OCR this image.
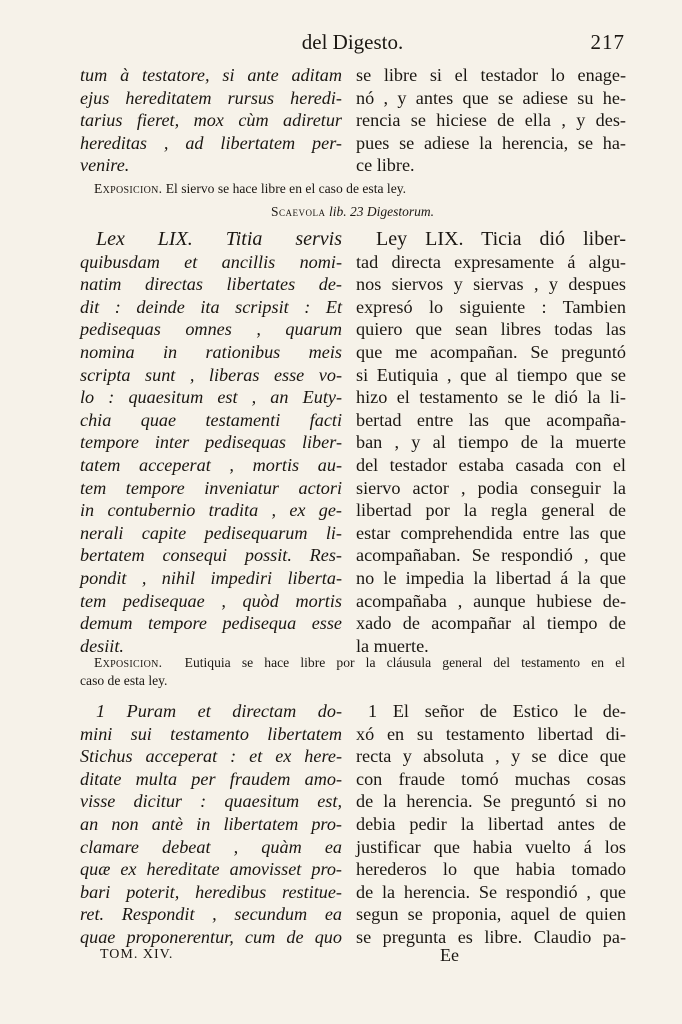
del Digesto.	217
tum à testatore, si ante aditam
ejus hereditatem rursus heredi-
tarius fieret, mox cùm adiretur
hereditas , ad libertatem per-
venire.
se libre si el testador lo enage-
nó , y antes que se adiese su he-
rencia se hiciese de ella , y des-
pues se adiese la herencia, se ha-
ce libre.
Exposicion. El siervo se hace libre en el caso de esta ley.
Scaevola lib. 23 Digestorum.
Lex LIX. Titia servis
quibusdam et ancillis nomi-
natim directas libertates de-
dit : deinde ita scripsit : Et
pedisequas omnes , quarum
nomina in rationibus meis
scripta sunt , liberas esse vo-
lo : quaesitum est , an Euty-
chia quae testamenti facti
tempore inter pedisequas liber-
tatem acceperat , mortis au-
tem tempore inveniatur actori
in contubernio tradita , ex ge-
nerali capite pedisequarum li-
bertatem consequi possit. Res-
pondit , nihil impediri liberta-
tem pedisequae , quòd mortis
demum tempore pedisequa esse
desiit.
Ley LIX. Ticia dió liber-
tad directa expresamente á algu-
nos siervos y siervas , y despues
expresó lo siguiente : Tambien
quiero que sean libres todas las
que me acompañan. Se preguntó
si Eutiquia , que al tiempo que se
hizo el testamento se le dió la li-
bertad entre las que acompaña-
ban , y al tiempo de la muerte
del testador estaba casada con el
siervo actor , podia conseguir la
libertad por la regla general de
estar comprehendida entre las que
acompañaban. Se respondió , que
no le impedia la libertad á la que
acompañaba , aunque hubiese de-
xado de acompañar al tiempo de
la muerte.
Exposicion. Eutiquia se hace libre por la cláusula general del testamento en el
caso de esta ley.
1 Puram et directam do-
mini sui testamento libertatem
Stichus acceperat : et ex here-
ditate multa per fraudem amo-
visse dicitur : quaesitum est,
an non antè in libertatem pro-
clamare debeat , quàm ea
quæ ex hereditate amovisset pro-
bari poterit, heredibus restitue-
ret. Respondit , secundum ea
quae proponerentur, cum de quo
1 El señor de Estico le de-
xó en su testamento libertad di-
recta y absoluta , y se dice que
con fraude tomó muchas cosas
de la herencia. Se preguntó si no
debia pedir la libertad antes de
justificar que habia vuelto á los
herederos lo que habia tomado
de la herencia. Se respondió , que
segun se proponia, aquel de quien
se pregunta es libre. Claudio pa-
TOM. XIV.	Ee
